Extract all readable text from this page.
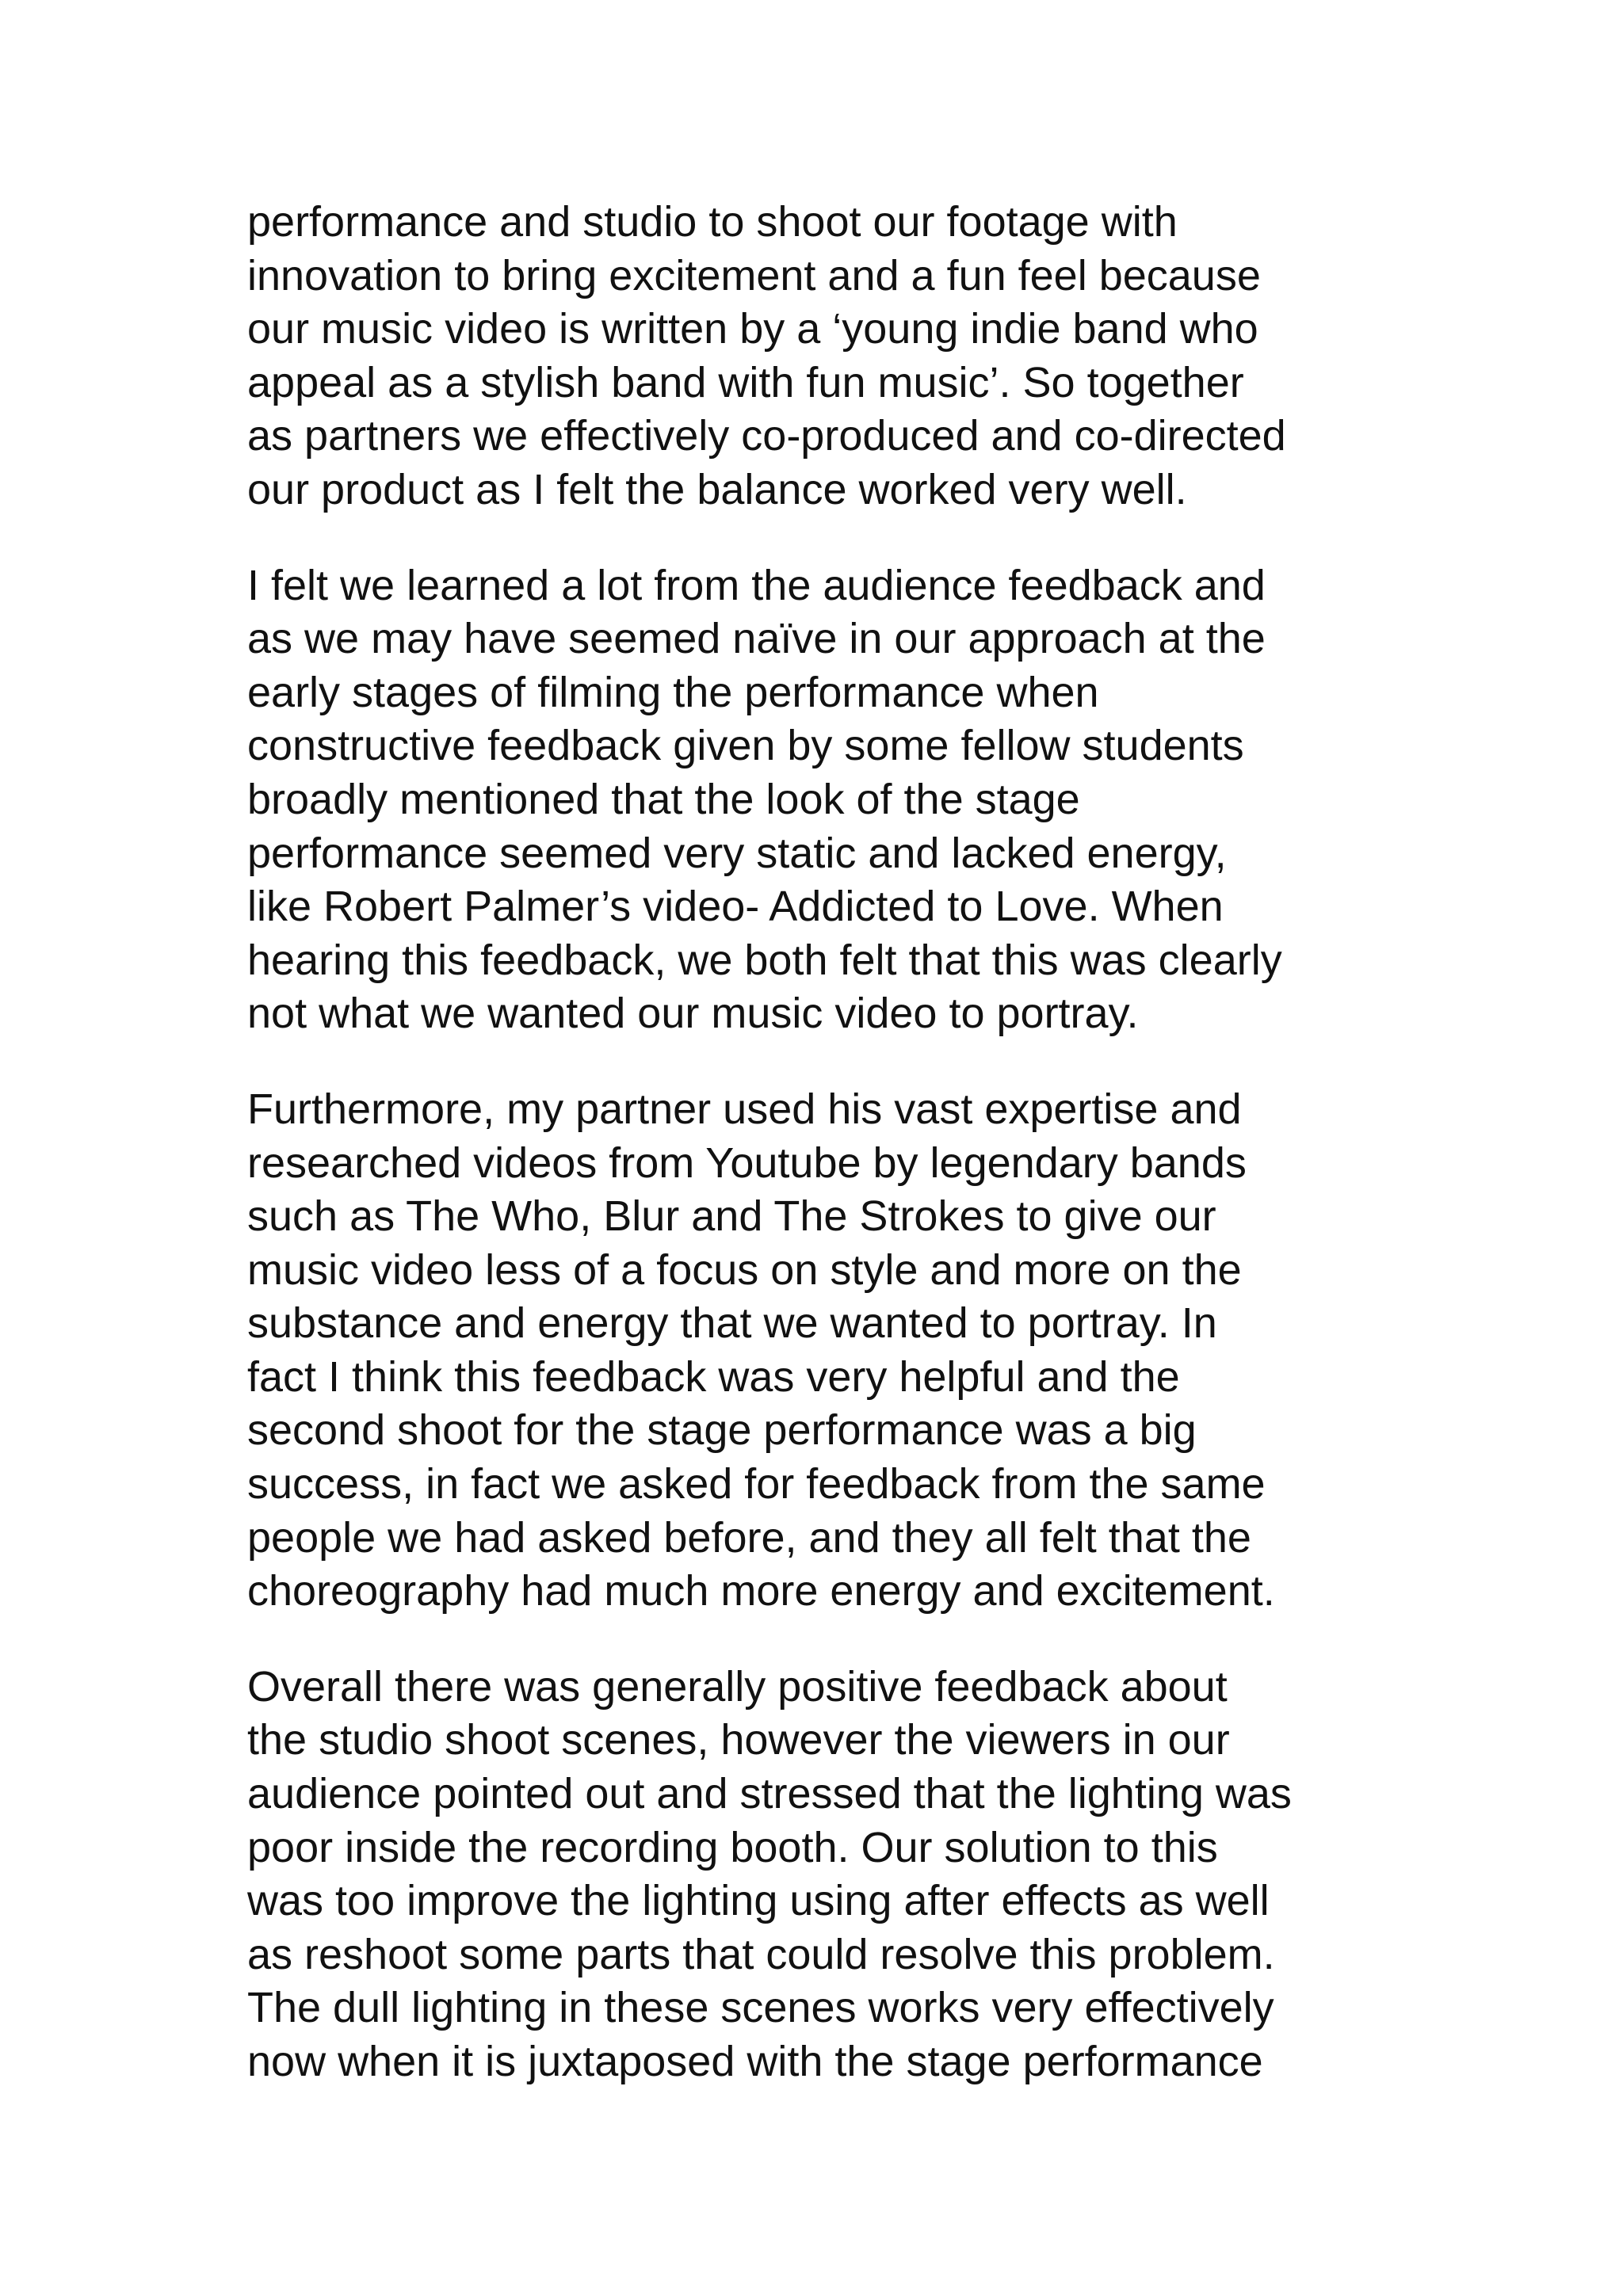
performance and studio to shoot our footage with
innovation to bring excitement and a fun feel because
our music video is written by a ‘young indie band who
appeal as a stylish band with fun music’. So together
as partners we effectively co-produced and co-directed
our product as I felt the balance worked very well.

I felt we learned a lot from the audience feedback and
as we may have seemed naïve in our approach at the
early stages of filming the performance when
constructive feedback given by some fellow students
broadly mentioned that the look of the stage
performance seemed very static and lacked energy,
like Robert Palmer’s video- Addicted to Love. When
hearing this feedback, we both felt that this was clearly
not what we wanted our music video to portray.

Furthermore, my partner used his vast expertise and
researched videos from Youtube by legendary bands
such as The Who, Blur and The Strokes to give our
music video less of a focus on style and more on the
substance and energy that we wanted to portray. In
fact I think this feedback was very helpful and the
second shoot for the stage performance was a big
success, in fact we asked for feedback from the same
people we had asked before, and they all felt that the
choreography had much more energy and excitement.

Overall there was generally positive feedback about
the studio shoot scenes, however the viewers in our
audience pointed out and stressed that the lighting was
poor inside the recording booth. Our solution to this
was too improve the lighting using after effects as well
as reshoot some parts that could resolve this problem.
The dull lighting in these scenes works very effectively
now when it is juxtaposed with the stage performance
